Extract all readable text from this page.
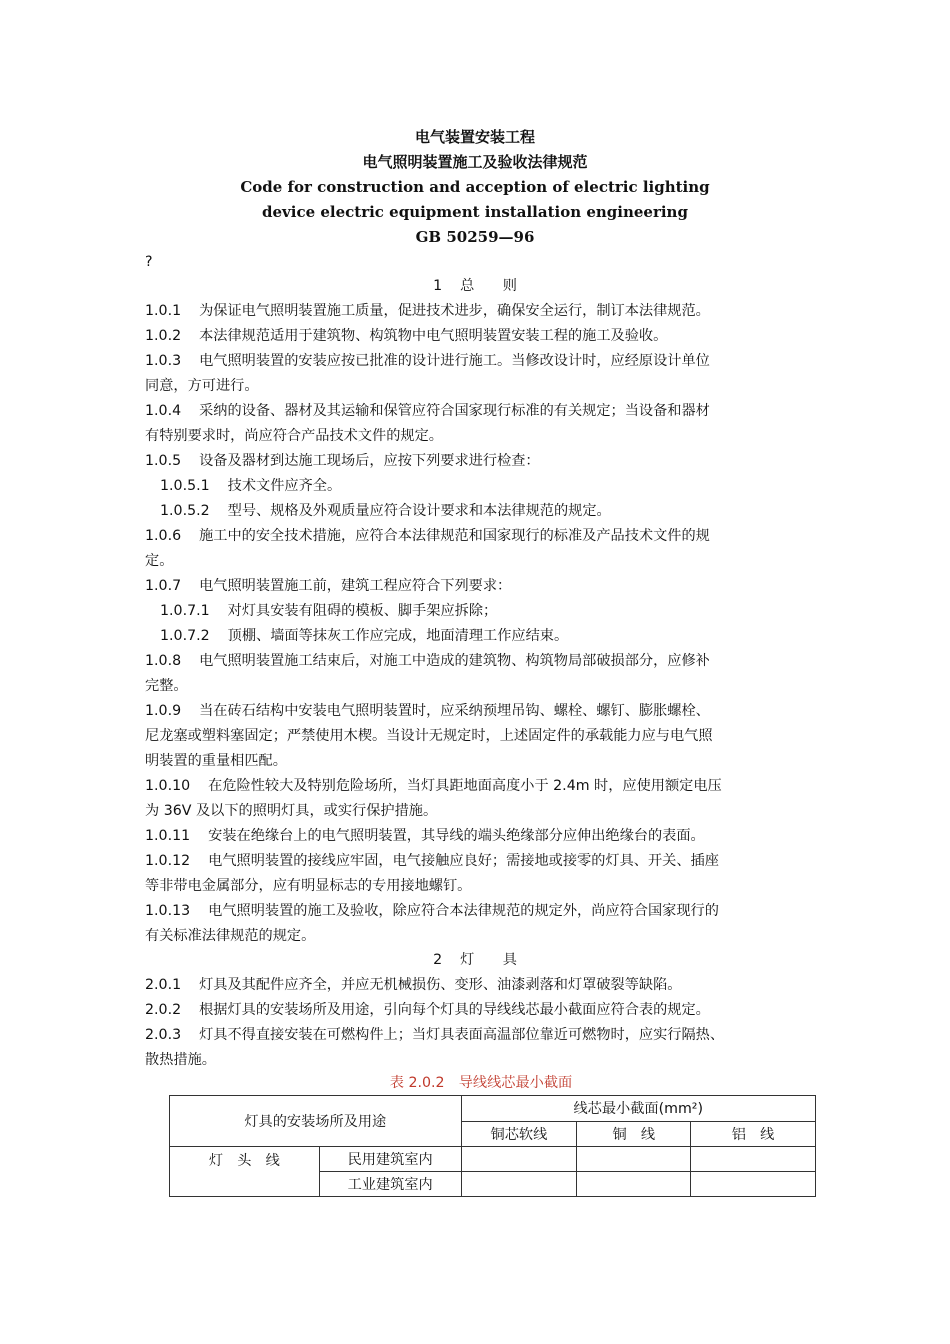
电气装置安装工程
电气照明装置施工及验收法律规范
Code for construction and acception of electric lighting
device electric equipment installation engineering
GB 50259—96
?
1 总　　则
1.0.1 为保证电气照明装置施工质量，促进技术进步，确保安全运行，制订本法律规范。
1.0.2 本法律规范适用于建筑物、构筑物中电气照明装置安装工程的施工及验收。
1.0.3 电气照明装置的安装应按已批准的设计进行施工。当修改设计时，应经原设计单位
同意，方可进行。
1.0.4 采纳的设备、器材及其运输和保管应符合国家现行标准的有关规定；当设备和器材
有特别要求时，尚应符合产品技术文件的规定。
1.0.5 设备及器材到达施工现场后，应按下列要求进行检查：
1.0.5.1 技术文件应齐全。
1.0.5.2 型号、规格及外观质量应符合设计要求和本法律规范的规定。
1.0.6 施工中的安全技术措施，应符合本法律规范和国家现行的标准及产品技术文件的规
定。
1.0.7 电气照明装置施工前，建筑工程应符合下列要求：
1.0.7.1 对灯具安装有阻碍的模板、脚手架应拆除；
1.0.7.2 顶棚、墙面等抹灰工作应完成，地面清理工作应结束。
1.0.8 电气照明装置施工结束后，对施工中造成的建筑物、构筑物局部破损部分，应修补
完整。
1.0.9 当在砖石结构中安装电气照明装置时，应采纳预埋吊钩、螺栓、螺钉、膨胀螺栓、
尼龙塞或塑料塞固定；严禁使用木楔。当设计无规定时，上述固定件的承载能力应与电气照
明装置的重量相匹配。
1.0.10 在危险性较大及特别危险场所，当灯具距地面高度小于 2.4m 时，应使用额定电压
为 36V 及以下的照明灯具，或实行保护措施。
1.0.11 安装在绝缘台上的电气照明装置，其导线的端头绝缘部分应伸出绝缘台的表面。
1.0.12 电气照明装置的接线应牢固，电气接触应良好；需接地或接零的灯具、开关、插座
等非带电金属部分，应有明显标志的专用接地螺钉。
1.0.13 电气照明装置的施工及验收，除应符合本法律规范的规定外，尚应符合国家现行的
有关标准法律规范的规定。
2 灯　　具
2.0.1 灯具及其配件应齐全，并应无机械损伤、变形、油漆剥落和灯罩破裂等缺陷。
2.0.2 根据灯具的安装场所及用途，引向每个灯具的导线线芯最小截面应符合表的规定。
2.0.3 灯具不得直接安装在可燃构件上；当灯具表面高温部位靠近可燃物时，应实行隔热、
散热措施。
表 2.0.2　导线线芯最小截面
灯具的安装场所及用途		线芯最小截面(mm²)		
		铜芯软线	铜　线	铝　线
灯　头　线	民用建筑室内			
	工业建筑室内			
